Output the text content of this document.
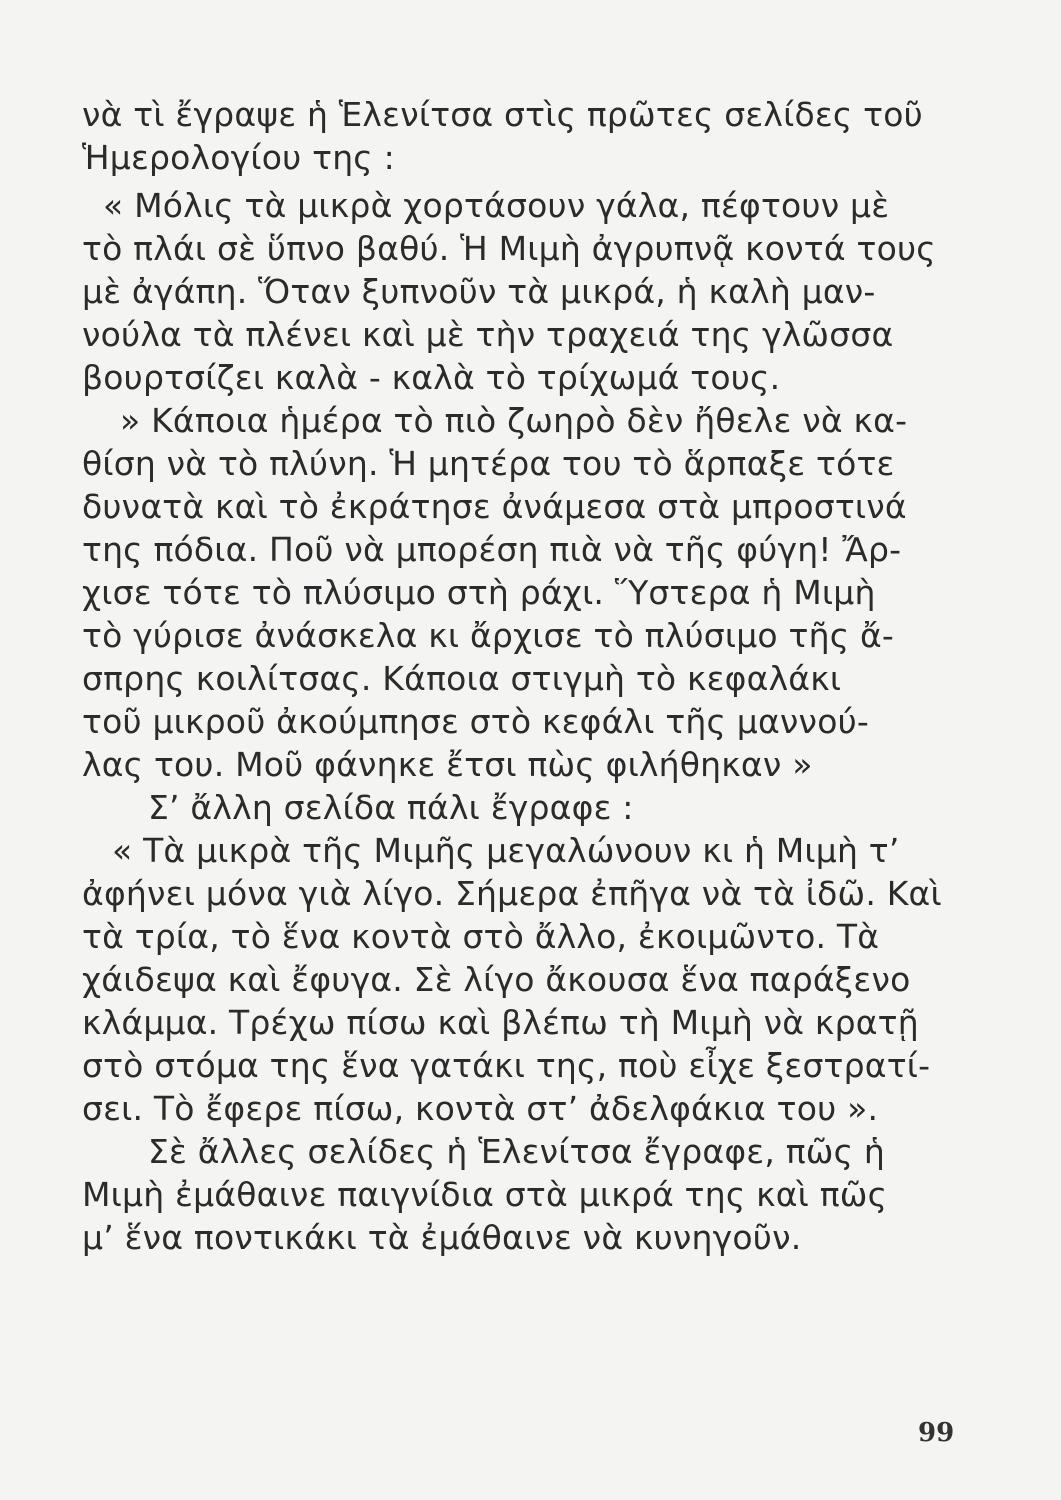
νὰ τὶ ἔγραψε ἡ Ἑλενίτσα στὶς πρῶτες σελίδες τοῦ
Ἡμερολογίου της :
« Μόλις τὰ μικρὰ χορτάσουν γάλα, πέφτουν μὲ
τὸ πλάι σὲ ὕπνο βαθύ. Ἡ Μιμὴ ἀγρυπνᾷ κοντά τους
μὲ ἀγάπη. Ὅταν ξυπνοῦν τὰ μικρά, ἡ καλὴ μαν-
νούλα τὰ πλένει καὶ μὲ τὴν τραχειά της γλῶσσα
βουρτσίζει καλὰ - καλὰ τὸ τρίχωμά τους.
» Κάποια ἡμέρα τὸ πιὸ ζωηρὸ δὲν ἤθελε νὰ κα-
θίση νὰ τὸ πλύνη. Ἡ μητέρα του τὸ ἅρπαξε τότε
δυνατὰ καὶ τὸ ἐκράτησε ἀνάμεσα στὰ μπροστινά
της πόδια. Ποῦ νὰ μπορέση πιὰ νὰ τῆς φύγη! Ἄρ-
χισε τότε τὸ πλύσιμο στὴ ράχι. Ὕστερα ἡ Μιμὴ
τὸ γύρισε ἀνάσκελα κι ἄρχισε τὸ πλύσιμο τῆς ἄ-
σπρης κοιλίτσας. Κάποια στιγμὴ τὸ κεφαλάκι
τοῦ μικροῦ ἀκούμπησε στὸ κεφάλι τῆς μαννού-
λας του. Μοῦ φάνηκε ἔτσι πὼς φιλήθηκαν »
Σ’ ἄλλη σελίδα πάλι ἔγραφε :
« Τὰ μικρὰ τῆς Μιμῆς μεγαλώνουν κι ἡ Μιμὴ τ’
ἀφήνει μόνα γιὰ λίγο. Σήμερα ἐπῆγα νὰ τὰ ἰδῶ. Καὶ
τὰ τρία, τὸ ἕνα κοντὰ στὸ ἄλλο, ἐκοιμῶντο. Τὰ
χάιδεψα καὶ ἔφυγα. Σὲ λίγο ἄκουσα ἕνα παράξενο
κλάμμα. Τρέχω πίσω καὶ βλέπω τὴ Μιμὴ νὰ κρατῇ
στὸ στόμα της ἕνα γατάκι της, ποὺ εἶχε ξεστρατί-
σει. Τὸ ἔφερε πίσω, κοντὰ στ’ ἀδελφάκια του ».
Σὲ ἄλλες σελίδες ἡ Ἑλενίτσα ἔγραφε, πῶς ἡ
Μιμὴ ἐμάθαινε παιγνίδια στὰ μικρά της καὶ πῶς
μ’ ἕνα ποντικάκι τὰ ἐμάθαινε νὰ κυνηγοῦν.
99
